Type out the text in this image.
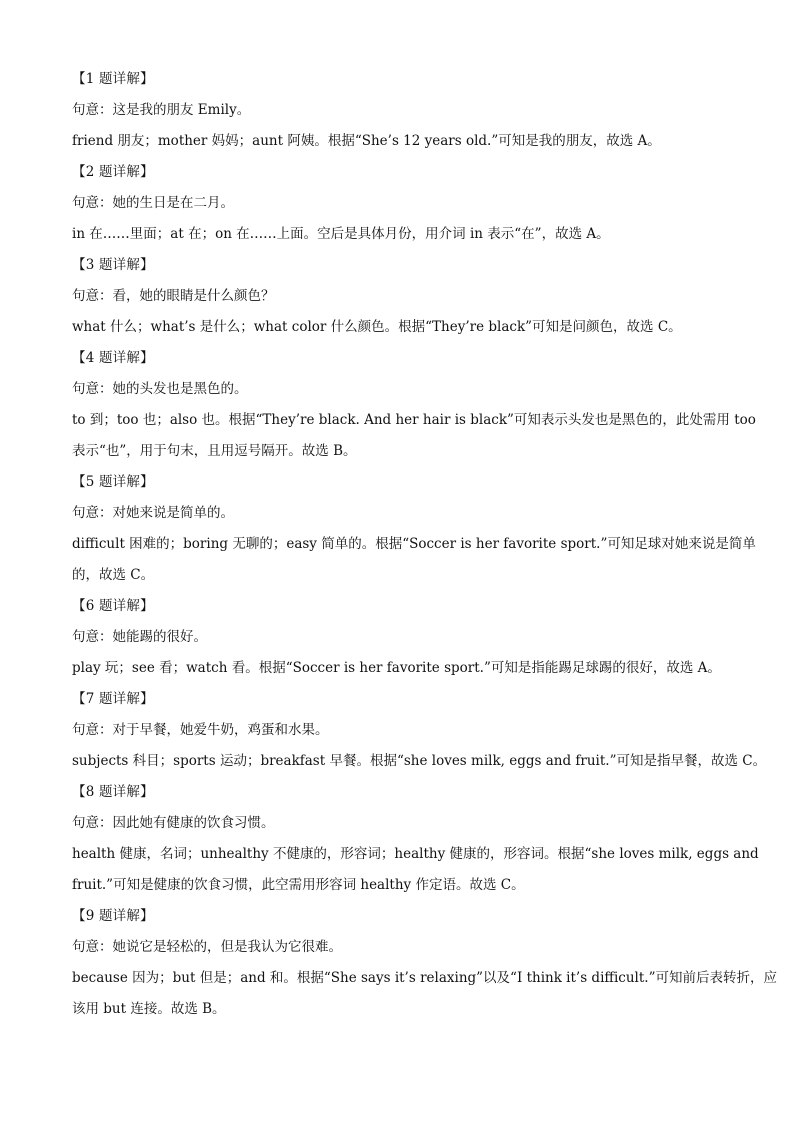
【1 题详解】
句意：这是我的朋友 Emily。
friend 朋友；mother 妈妈；aunt 阿姨。根据“She’s 12 years old.”可知是我的朋友，故选 A。
【2 题详解】
句意：她的生日是在二月。
in 在……里面；at 在；on 在……上面。空后是具体月份，用介词 in 表示“在”，故选 A。
【3 题详解】
句意：看，她的眼睛是什么颜色？
what 什么；what’s 是什么；what color 什么颜色。根据“They’re black”可知是问颜色，故选 C。
【4 题详解】
句意：她的头发也是黑色的。
to 到；too 也；also 也。根据“They’re black. And her hair is black”可知表示头发也是黑色的，此处需用 too
表示“也”，用于句末，且用逗号隔开。故选 B。
【5 题详解】
句意：对她来说是简单的。
difficult 困难的；boring 无聊的；easy 简单的。根据“Soccer is her favorite sport.”可知足球对她来说是简单
的，故选 C。
【6 题详解】
句意：她能踢的很好。
play 玩；see 看；watch 看。根据“Soccer is her favorite sport.”可知是指能踢足球踢的很好，故选 A。
【7 题详解】
句意：对于早餐，她爱牛奶，鸡蛋和水果。
subjects 科目；sports 运动；breakfast 早餐。根据“she loves milk, eggs and fruit.”可知是指早餐，故选 C。
【8 题详解】
句意：因此她有健康的饮食习惯。
health 健康，名词；unhealthy 不健康的，形容词；healthy 健康的，形容词。根据“she loves milk, eggs and
fruit.”可知是健康的饮食习惯，此空需用形容词 healthy 作定语。故选 C。
【9 题详解】
句意：她说它是轻松的，但是我认为它很难。
because 因为；but 但是；and 和。根据“She says it’s relaxing”以及“I think it’s difficult.”可知前后表转折，应
该用 but 连接。故选 B。
